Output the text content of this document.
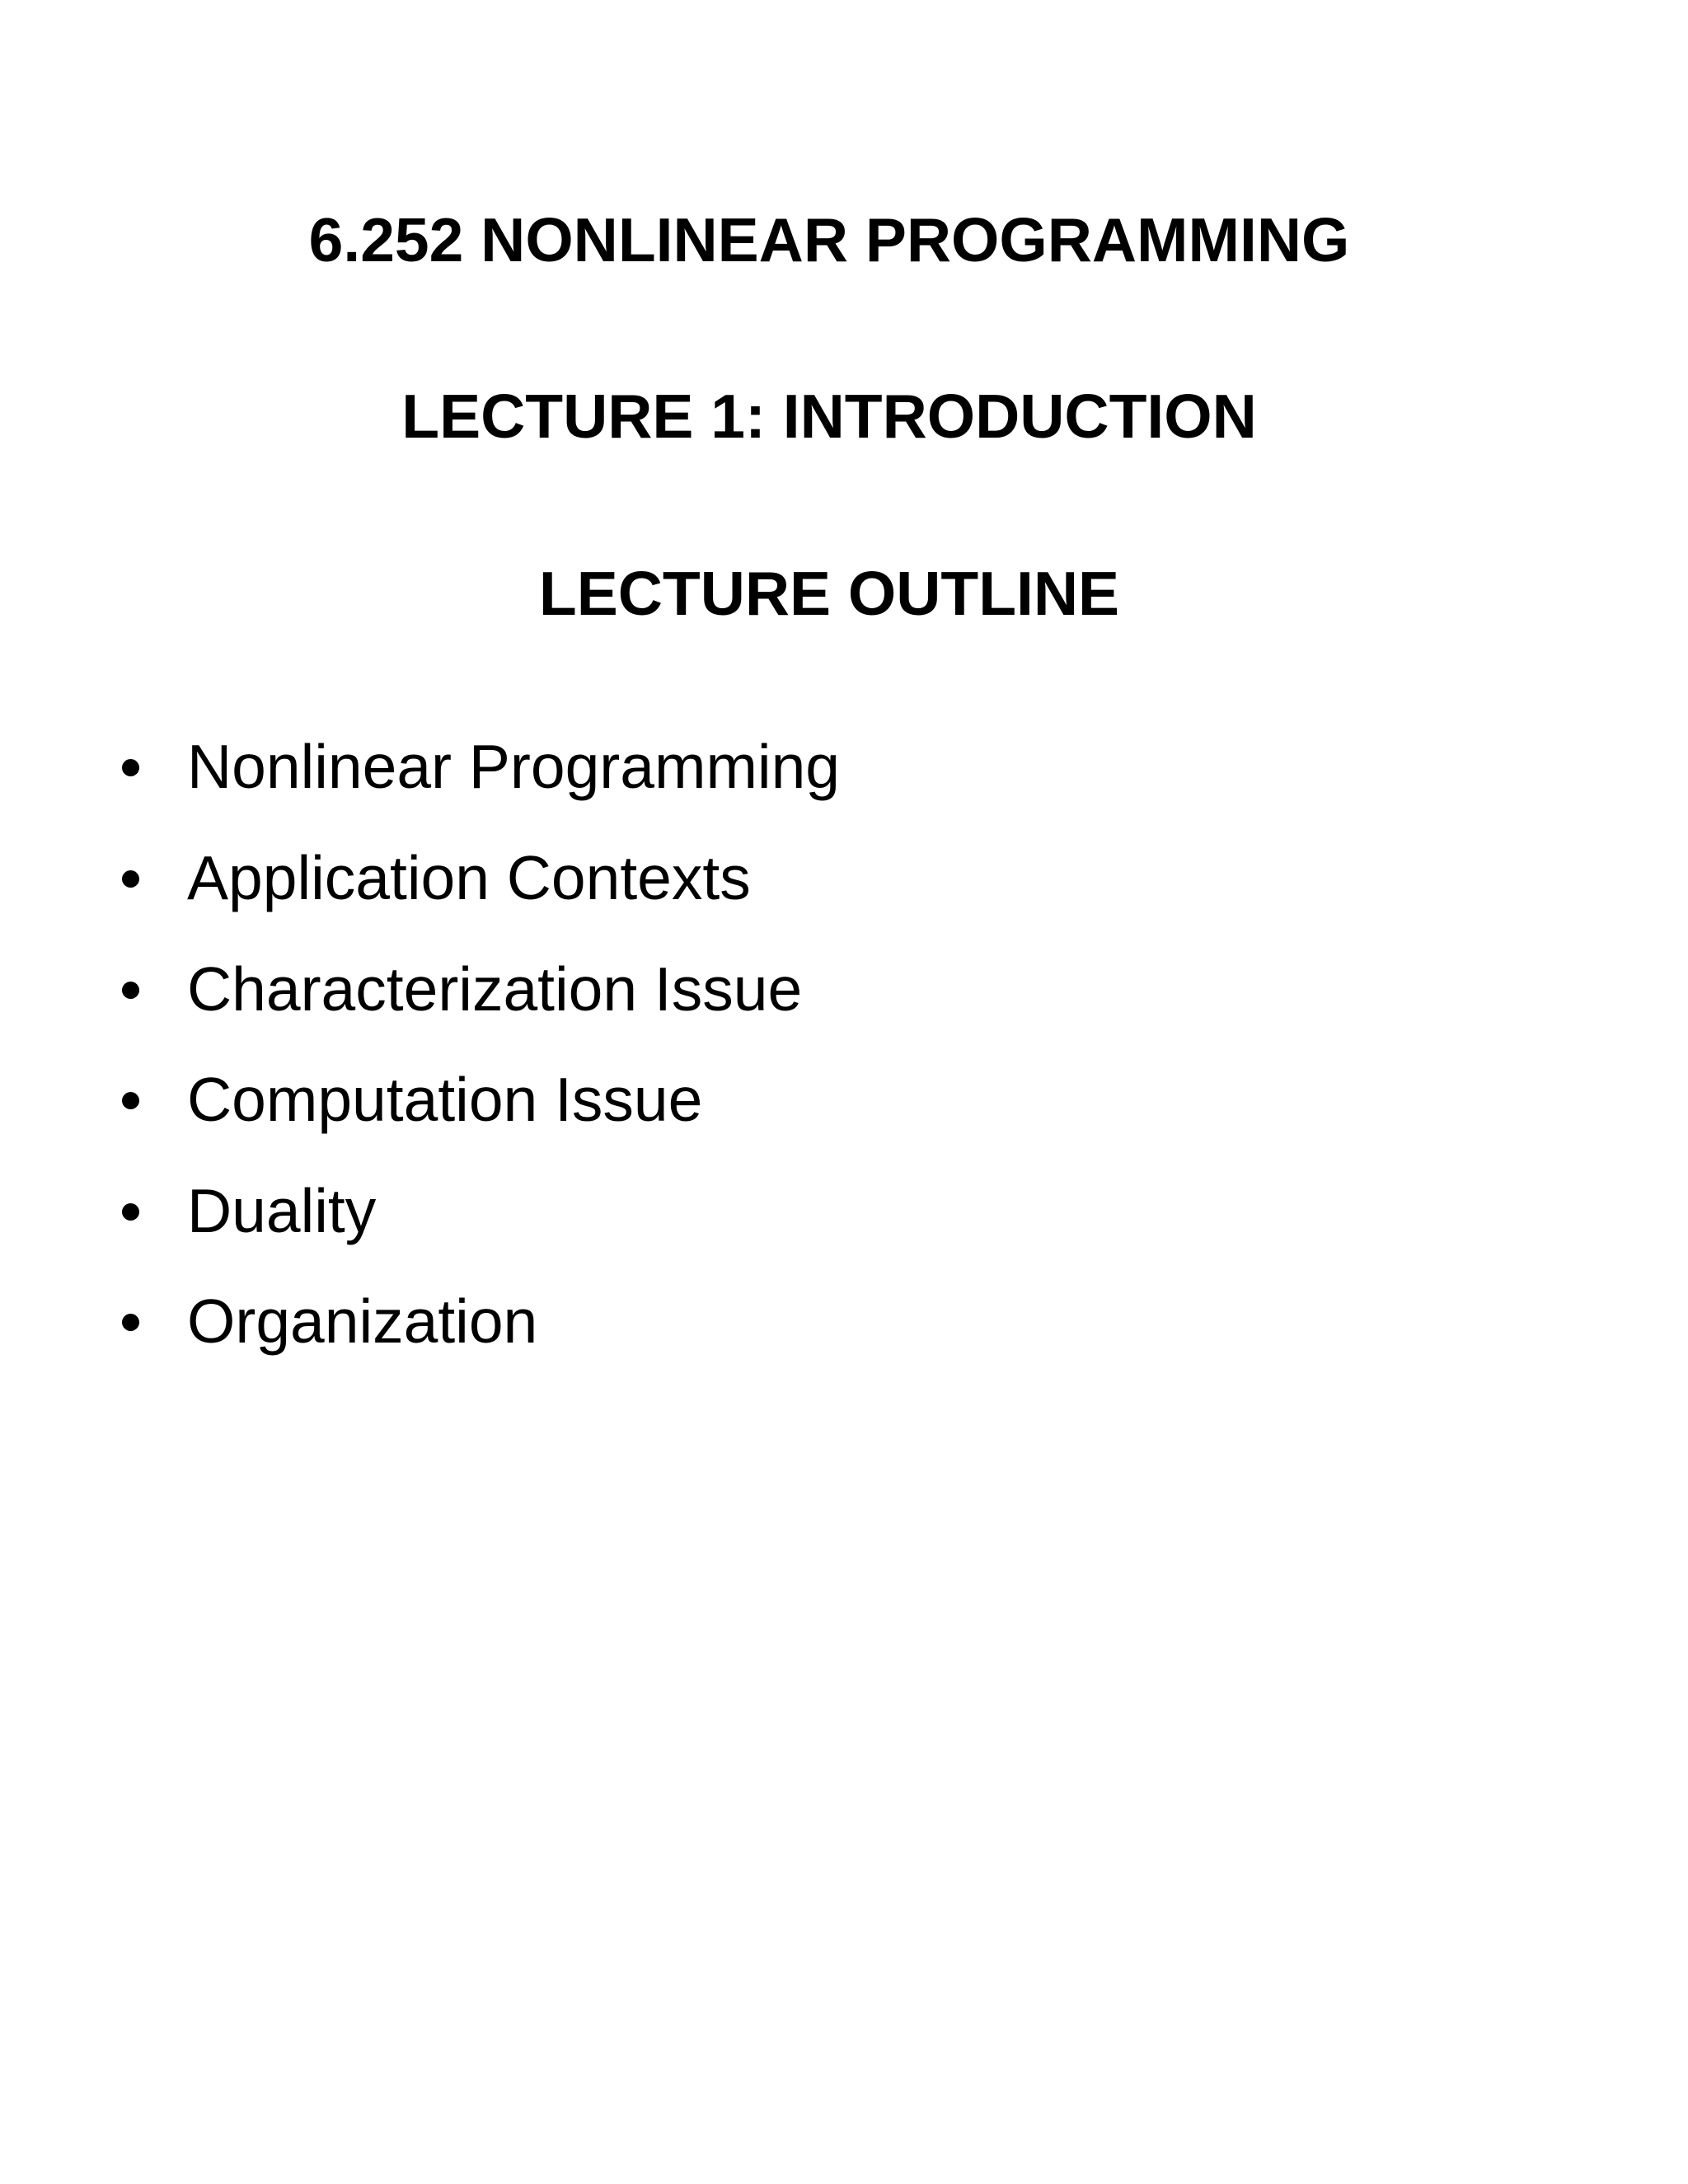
6.252 NONLINEAR PROGRAMMING
LECTURE 1: INTRODUCTION
LECTURE OUTLINE
Nonlinear Programming
Application Contexts
Characterization Issue
Computation Issue
Duality
Organization
